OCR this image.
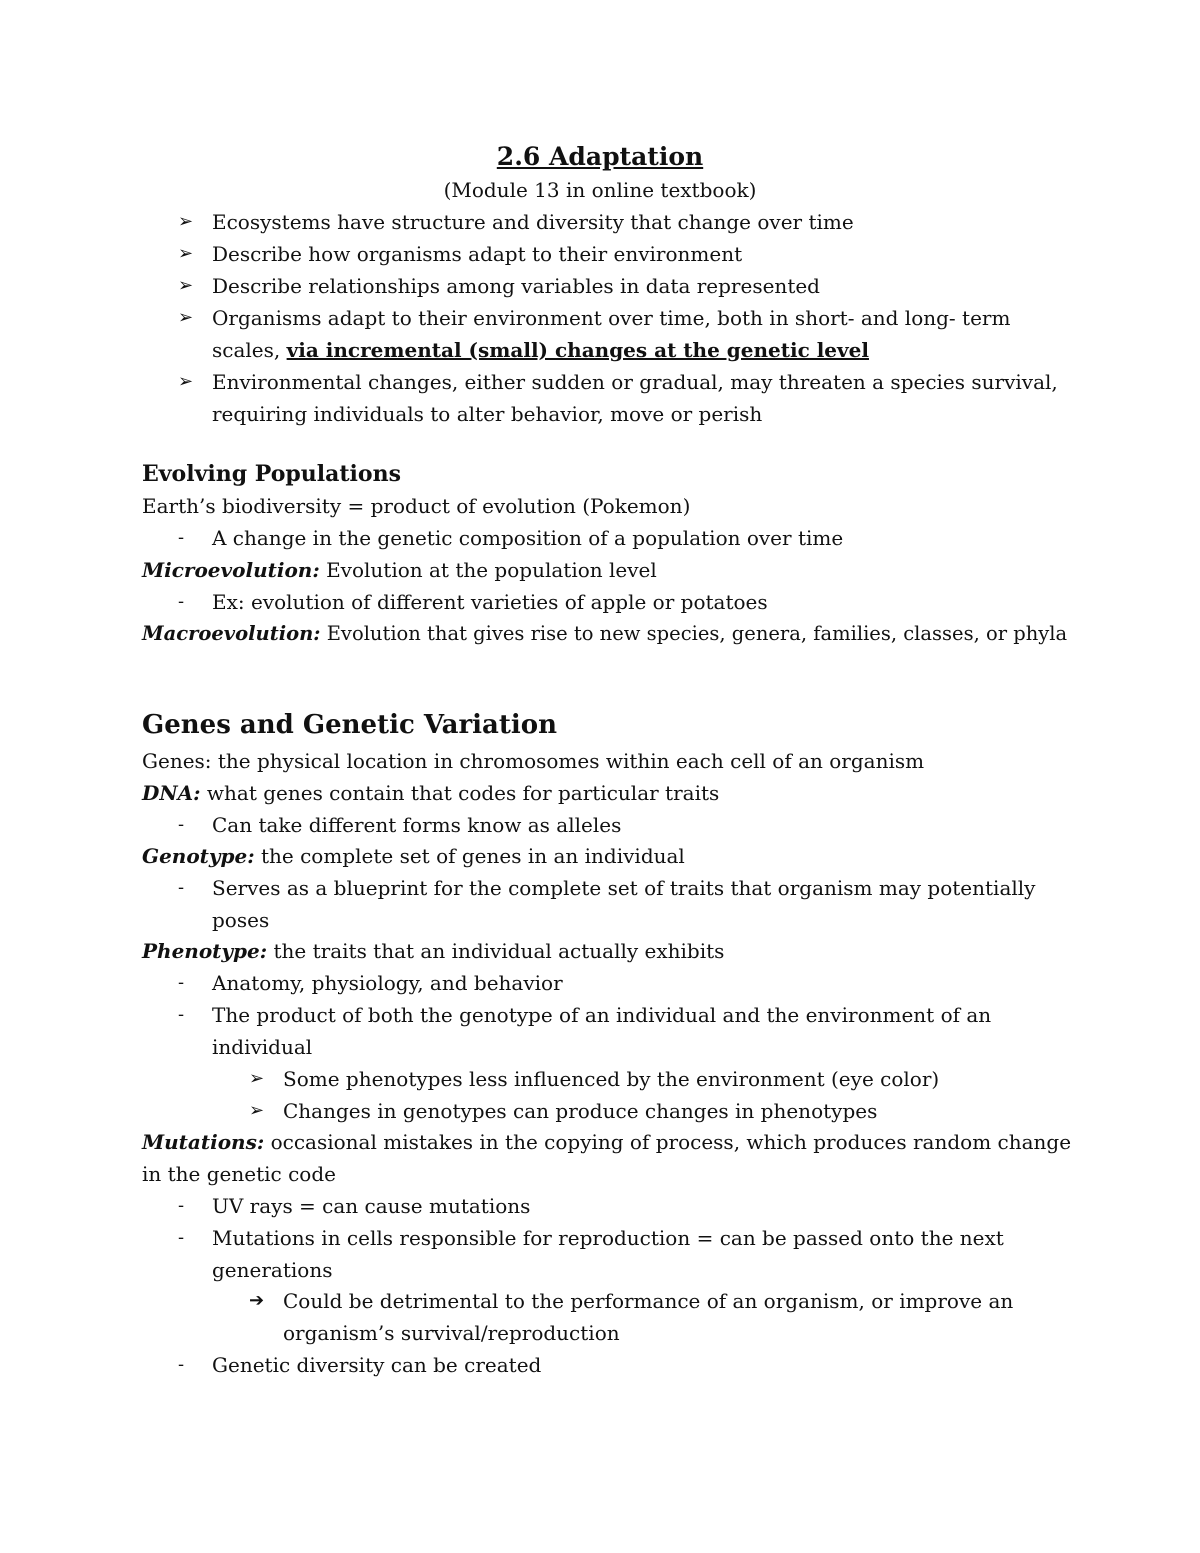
2.6 Adaptation
(Module 13 in online textbook)
➢ Ecosystems have structure and diversity that change over time
➢ Describe how organisms adapt to their environment
➢ Describe relationships among variables in data represented
➢ Organisms adapt to their environment over time, both in short- and long- term
scales, via incremental (small) changes at the genetic level
➢ Environmental changes, either sudden or gradual, may threaten a species survival,
requiring individuals to alter behavior, move or perish
Evolving Populations
Earth’s biodiversity = product of evolution (Pokemon)
- A change in the genetic composition of a population over time
Microevolution: Evolution at the population level
- Ex: evolution of different varieties of apple or potatoes
Macroevolution: Evolution that gives rise to new species, genera, families, classes, or phyla
Genes and Genetic Variation
Genes: the physical location in chromosomes within each cell of an organism
DNA: what genes contain that codes for particular traits
- Can take different forms know as alleles
Genotype: the complete set of genes in an individual
- Serves as a blueprint for the complete set of traits that organism may potentially
poses
Phenotype: the traits that an individual actually exhibits
- Anatomy, physiology, and behavior
- The product of both the genotype of an individual and the environment of an
individual
➢ Some phenotypes less influenced by the environment (eye color)
➢ Changes in genotypes can produce changes in phenotypes
Mutations: occasional mistakes in the copying of process, which produces random change
in the genetic code
- UV rays = can cause mutations
- Mutations in cells responsible for reproduction = can be passed onto the next
generations
➔ Could be detrimental to the performance of an organism, or improve an
organism’s survival/reproduction
- Genetic diversity can be created
